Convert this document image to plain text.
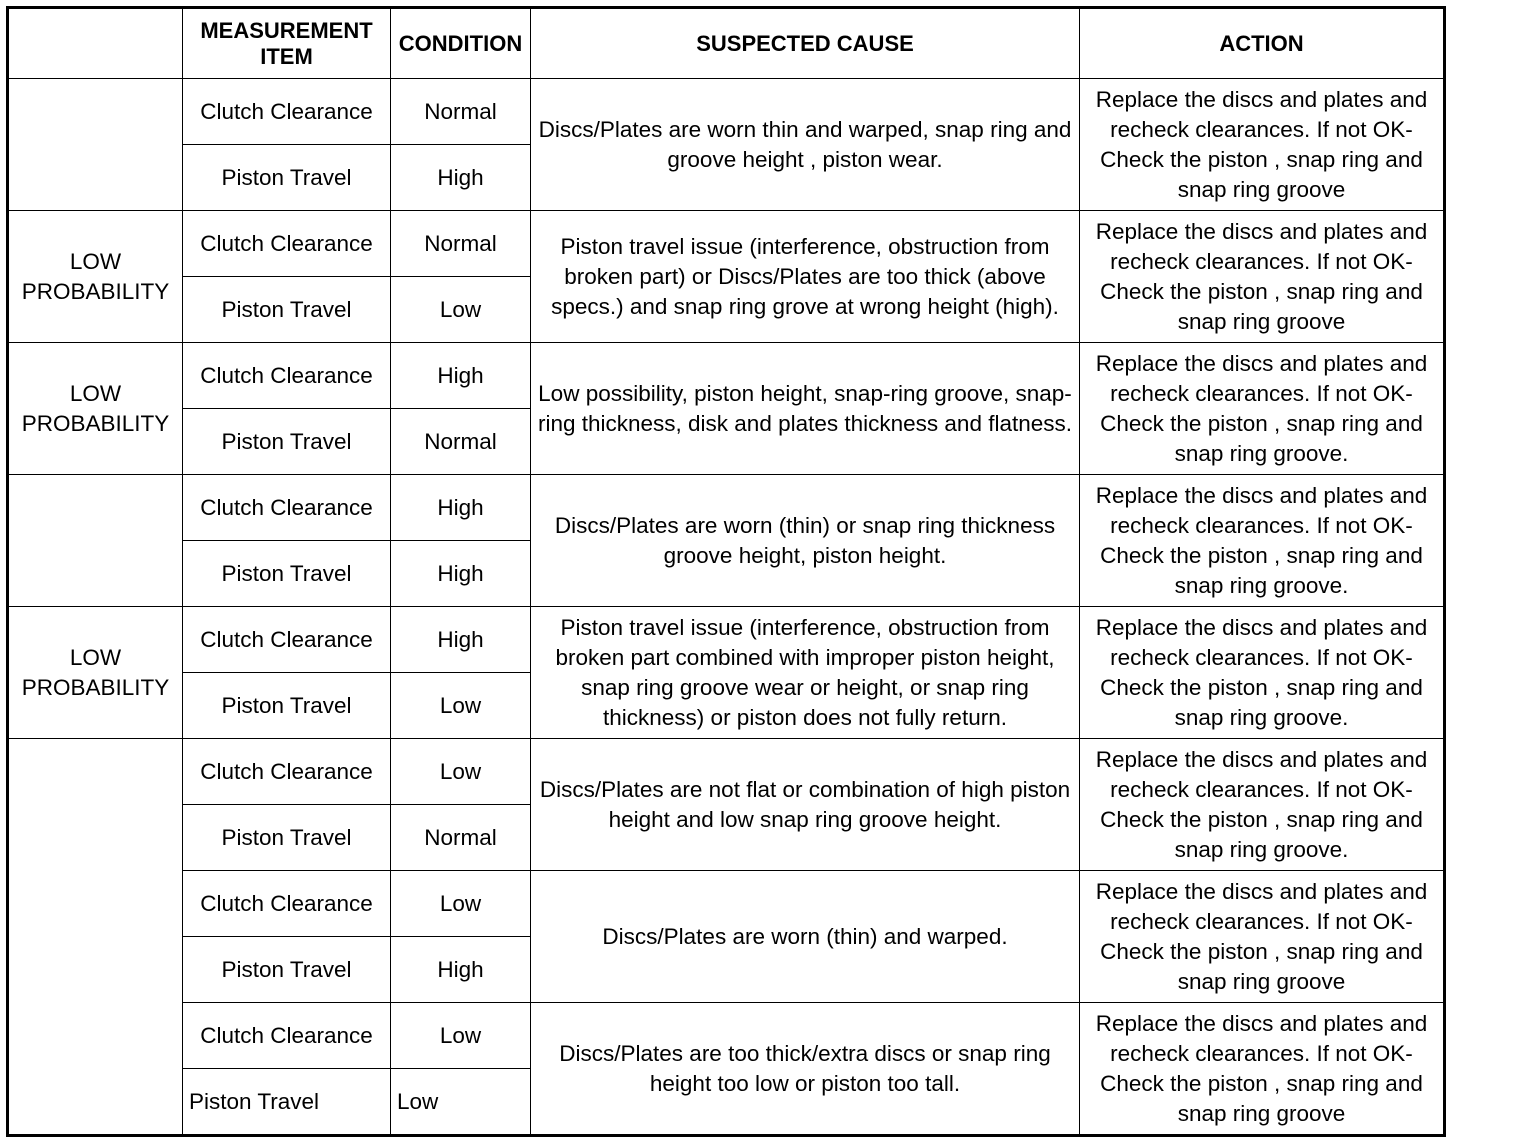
	MEASUREMENT ITEM	CONDITION	SUSPECTED CAUSE	ACTION
	Clutch Clearance	Normal	Discs/Plates are worn thin and warped, snap ring and groove height , piston wear.	Replace the discs and plates and recheck clearances. If not OK- Check the piston , snap ring and snap ring groove
	Piston Travel	High		
LOW PROBABILITY	Clutch Clearance	Normal	Piston travel issue (interference, obstruction from broken part) or Discs/Plates are too thick (above specs.) and snap ring grove at wrong height (high).	Replace the discs and plates and recheck clearances. If not OK- Check the piston , snap ring and snap ring groove
	Piston Travel	Low		
LOW PROBABILITY	Clutch Clearance	High	Low possibility, piston height, snap-ring groove, snap-ring thickness, disk and plates thickness and flatness.	Replace the discs and plates and recheck clearances. If not OK- Check the piston , snap ring and snap ring groove.
	Piston Travel	Normal		
	Clutch Clearance	High	Discs/Plates are worn (thin) or snap ring thickness groove height, piston height.	Replace the discs and plates and recheck clearances. If not OK- Check the piston , snap ring and snap ring groove.
	Piston Travel	High		
LOW PROBABILITY	Clutch Clearance	High	Piston travel issue (interference, obstruction from broken part combined with improper piston height, snap ring groove wear or height, or snap ring thickness) or piston does not fully return.	Replace the discs and plates and recheck clearances. If not OK- Check the piston , snap ring and snap ring groove.
	Piston Travel	Low		
	Clutch Clearance	Low	Discs/Plates are not flat or combination of high piston height and low snap ring groove height.	Replace the discs and plates and recheck clearances. If not OK- Check the piston , snap ring and snap ring groove.
	Piston Travel	Normal		
	Clutch Clearance	Low	Discs/Plates are worn (thin) and warped.	Replace the discs and plates and recheck clearances. If not OK- Check the piston , snap ring and snap ring groove
	Piston Travel	High		
	Clutch Clearance	Low	Discs/Plates are too thick/extra discs or snap ring height too low or piston too tall.	Replace the discs and plates and recheck clearances. If not OK- Check the piston , snap ring and snap ring groove
	Piston Travel	Low		
